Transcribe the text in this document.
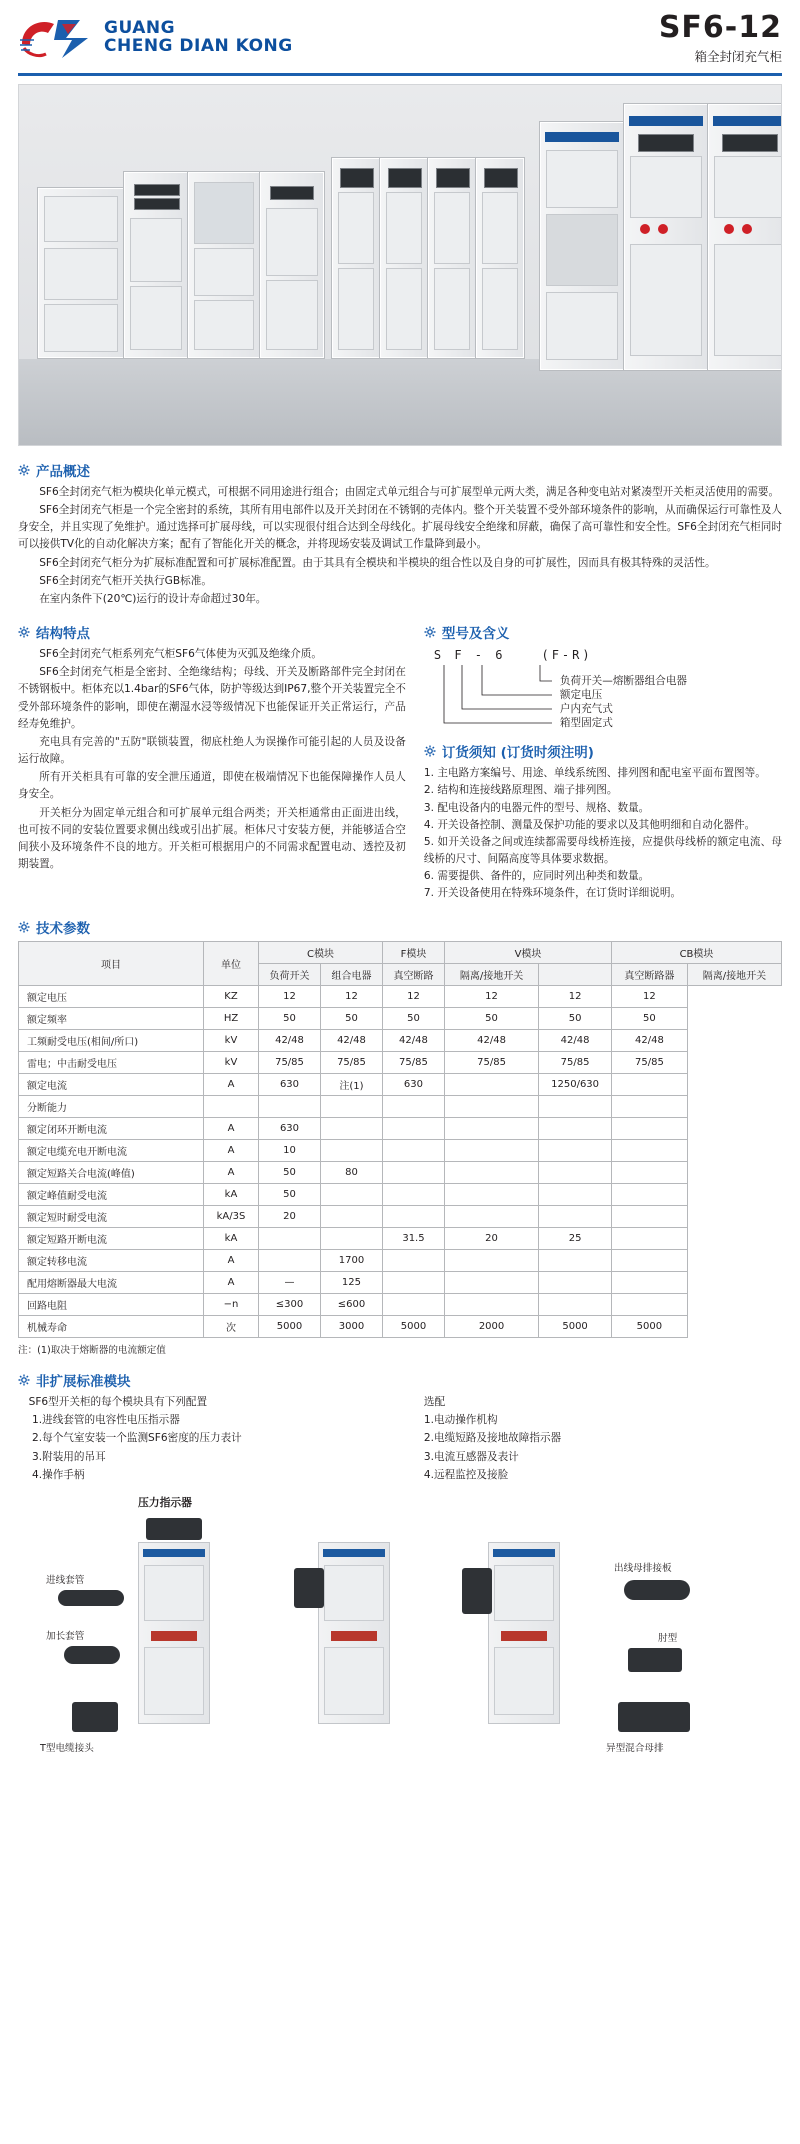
GUANG
CHENG DIAN KONG
SF6-12
箱全封闭充气柜
产品概述

SF6全封闭充气柜为模块化单元模式，可根据不同用途进行组合；由固定式单元组合与可扩展型单元两大类，满足各种变电站对紧凑型开关柜灵活使用的需要。

SF6全封闭充气柜是一个完全密封的系统，其所有用电部件以及开关封闭在不锈钢的壳体内。整个开关装置不受外部环境条件的影响，从而确保运行可靠性及人身安全，并且实现了免维护。通过选择可扩展母线，可以实现很付组合达到全母线化。扩展母线安全绝缘和屏蔽，确保了高可靠性和安全性。SF6全封闭充气柜同时可以接供TV化的自动化解决方案；配有了智能化开关的概念，并将现场安装及调试工作量降到最小。

SF6全封闭充气柜分为扩展标准配置和可扩展标准配置。由于其具有全模块和半模块的组合性以及自身的可扩展性，因而具有极其特殊的灵活性。

SF6全封闭充气柜开关执行GB标准。

在室内条件下(20℃)运行的设计寿命超过30年。

结构特点

SF6全封闭充气柜系列充气柜SF6气体使为灭弧及绝缘介质。

SF6全封闭充气柜是全密封、全绝缘结构；母线、开关及断路部件完全封闭在不锈钢板中。柜体充以1.4bar的SF6气体，防护等级达到IP67,整个开关装置完全不受外部环境条件的影响，即使在潮湿水浸等级情况下也能保证开关正常运行，产品经寿免维护。

充电具有完善的"五防"联锁装置，彻底杜绝人为误操作可能引起的人员及设备运行故障。

所有开关柜具有可靠的安全泄压通道，即使在极端情况下也能保障操作人员人身安全。

开关柜分为固定单元组合和可扩展单元组合两类；开关柜通常由正面进出线，也可按不同的安装位置要求侧出线或引出扩展。柜体尺寸安装方便，并能够适合空间狭小及环境条件不良的地方。开关柜可根据用户的不同需求配置电动、透控及初期装置。

型号及含义
S F - 6	(F-R)
负荷开关—熔断器组合电器
额定电压
户内充气式
箱型固定式
订货须知 (订货时须注明)
1. 主电路方案编号、用途、单线系统图、排列图和配电室平面布置图等。
2. 结构和连接线路原理图、端子排列图。
3. 配电设备内的电器元件的型号、规格、数量。
4. 开关设备控制、测量及保护功能的要求以及其他明细和自动化器件。
5. 如开关设备之间或连续都需要母线桥连接，应提供母线桥的额定电流、母线桥的尺寸、间隔高度等具体要求数据。
6. 需要提供、备件的，应同时列出种类和数量。
7. 开关设备使用在特殊环境条件，在订货时详细说明。
技术参数
项目	单位	C模块		F模块	V模块		CB模块	
		负荷开关	组合电器	真空断路	隔离/接地开关		真空断路器	隔离/接地开关
额定电压	KZ	12	12	12	12	12	12	
额定频率	HZ	50	50	50	50	50	50	
工频耐受电压(相间/所口)	kV	42/48	42/48	42/48	42/48	42/48	42/48	
雷电；中击耐受电压	kV	75/85	75/85	75/85	75/85	75/85	75/85	
额定电流	A	630	注(1)	630		1250/630		
分断能力								
额定闭环开断电流	A	630						
额定电缆充电开断电流	A	10						
额定短路关合电流(峰值)	A	50	80					
额定峰值耐受电流	kA	50						
额定短时耐受电流	kA/3S	20						
额定短路开断电流	kA			31.5	20	25		
额定转移电流	A		1700					
配用熔断器最大电流	A	—	125					
回路电阻	−n	≤300	≤600					
机械寿命	次	5000	3000	5000	2000	5000	5000	
注：(1)取决于熔断器的电流额定值
非扩展标准模块
SF6型开关柜的每个模块具有下列配置
1.进线套管的电容性电压指示器
2.每个气室安装一个监测SF6密度的压力表计
3.附装用的吊耳
4.操作手柄
选配
1.电动操作机构
2.电缆短路及接地故障指示器
3.电流互感器及表计
4.远程监控及接脸
压力指示器
进线套管
加长套管
T型电缆接头
出线母排接板
肘型
异型混合母排
